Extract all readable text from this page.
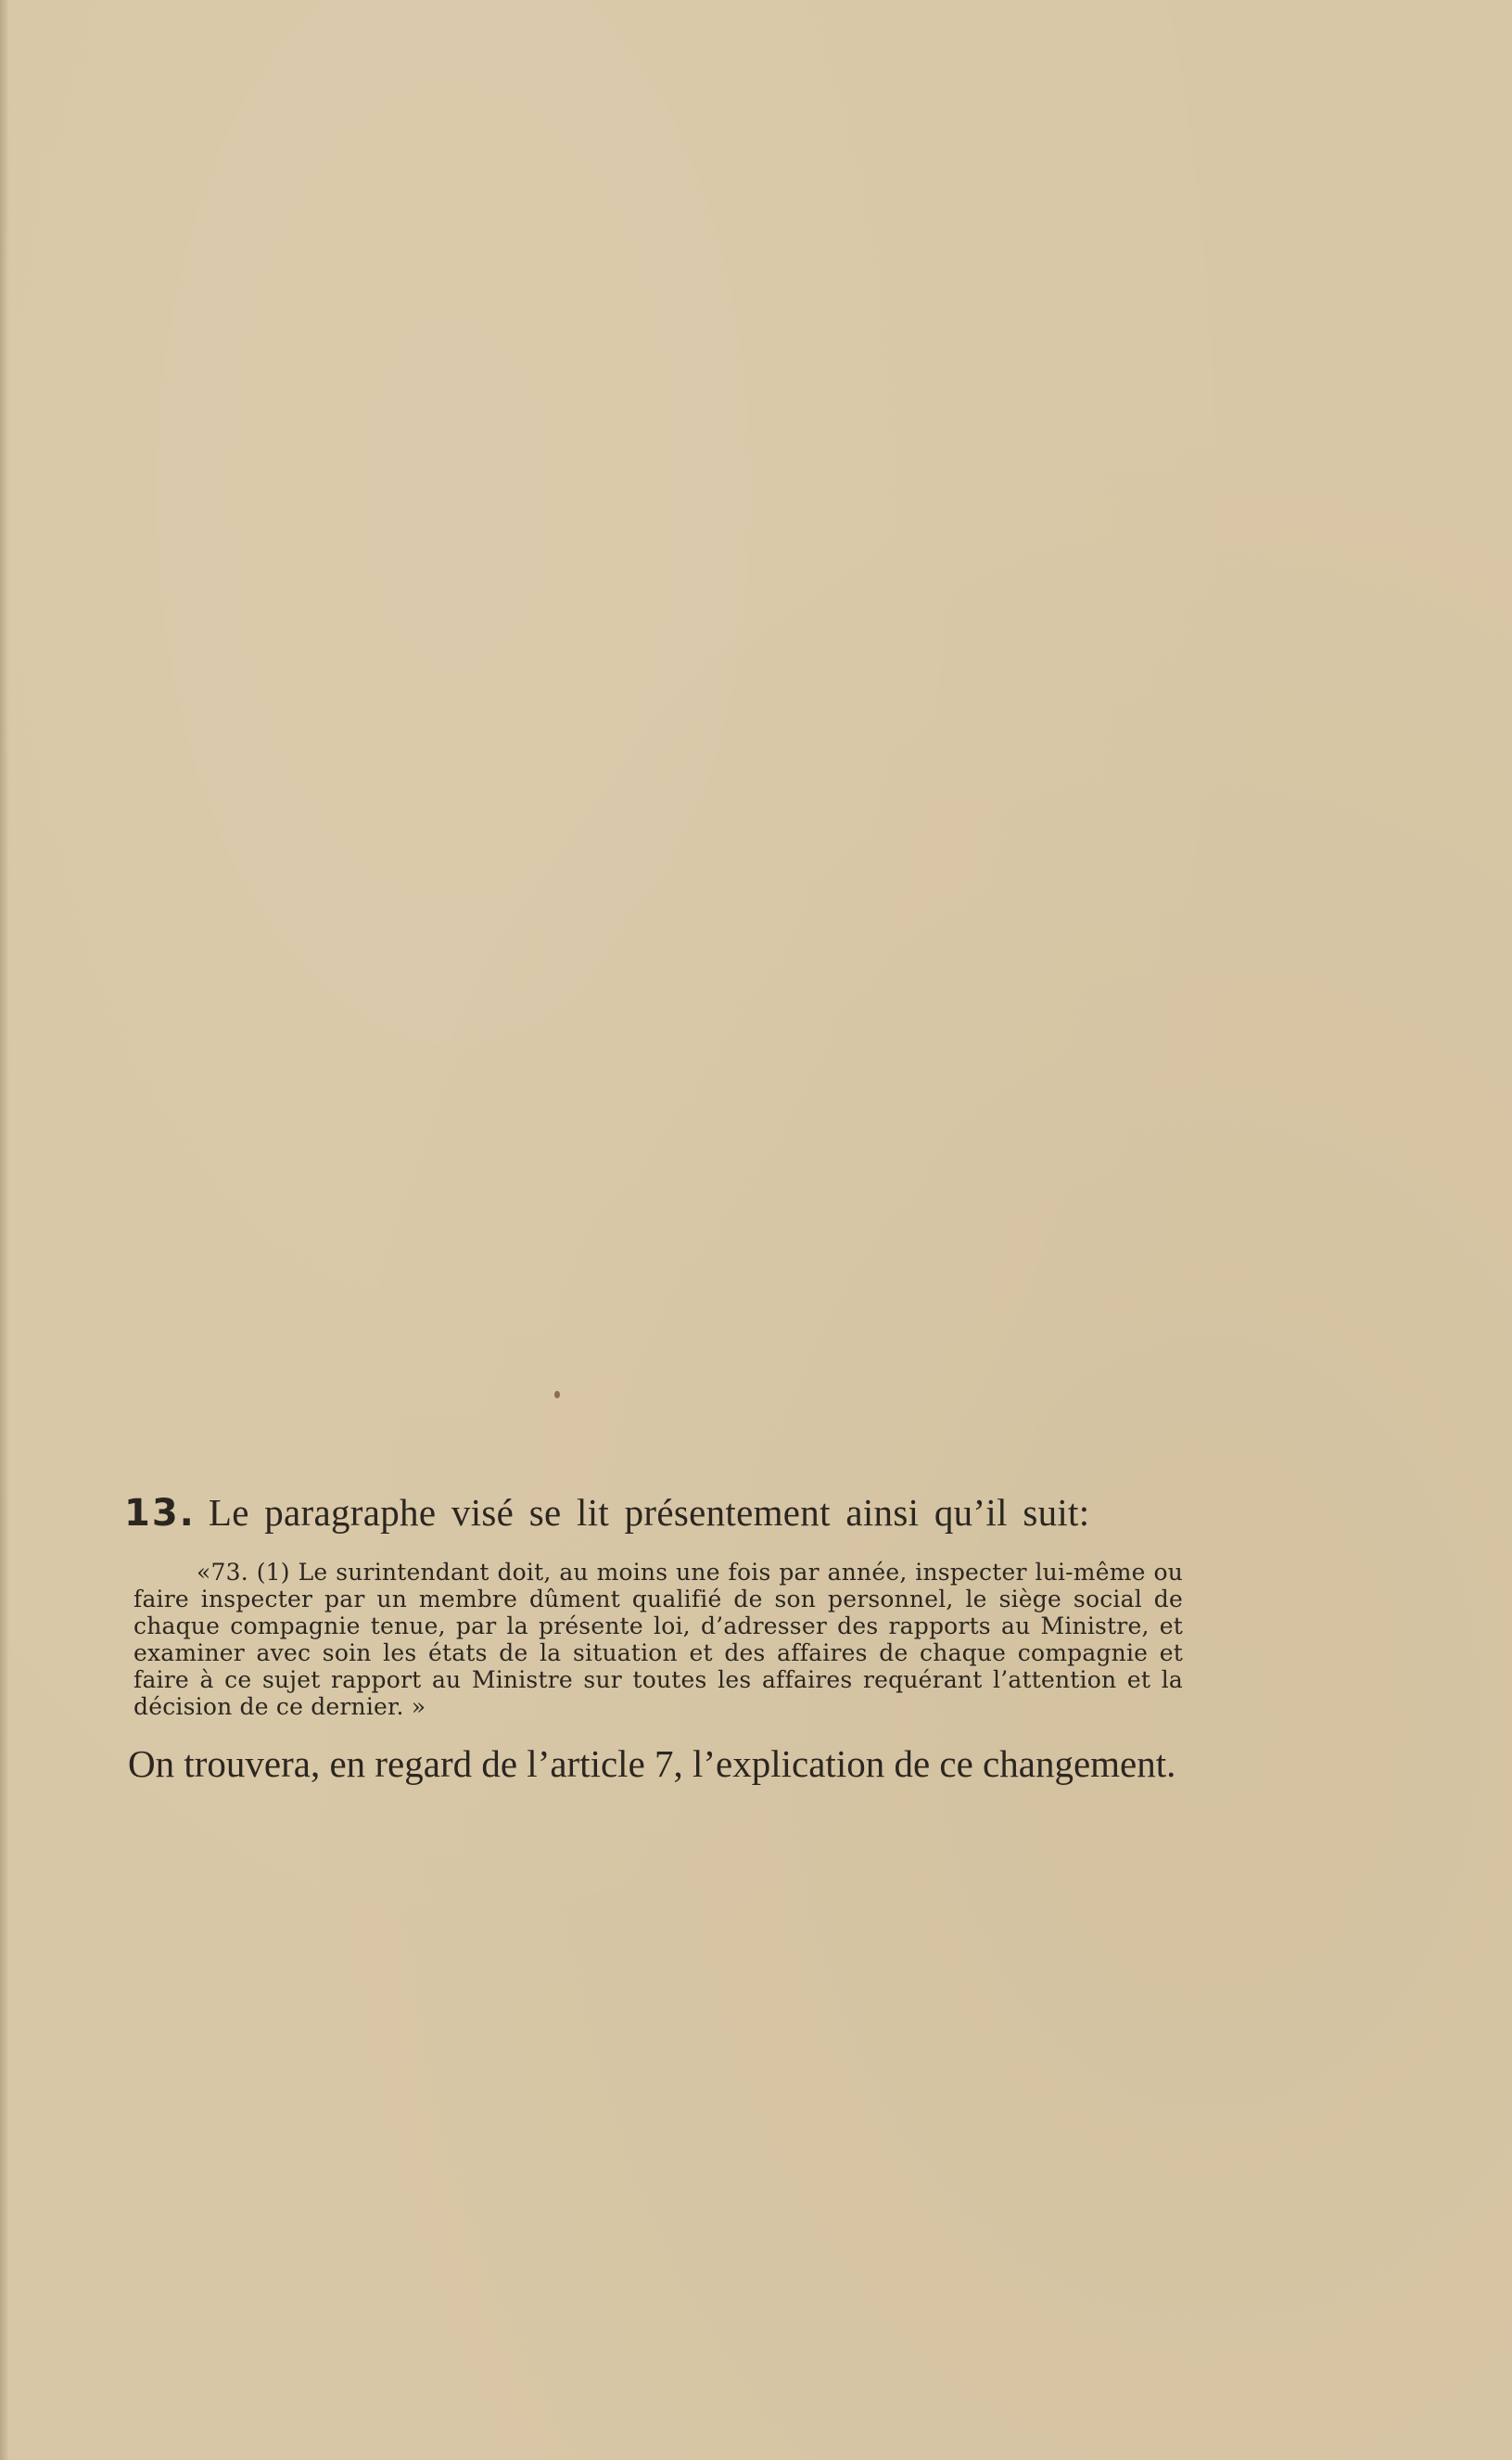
13. Le paragraphe visé se lit présentement ainsi qu’il suit:

«73. (1) Le surintendant doit, au moins une fois par année, inspecter lui-même ou faire inspecter par un membre dûment qualifié de son personnel, le siège social de chaque compagnie tenue, par la présente loi, d’adresser des rapports au Ministre, et examiner avec soin les états de la situation et des affaires de chaque compagnie et faire à ce sujet rapport au Ministre sur toutes les affaires requérant l’attention et la décision de ce dernier. »

On trouvera, en regard de l’article 7, l’explication de ce changement.
